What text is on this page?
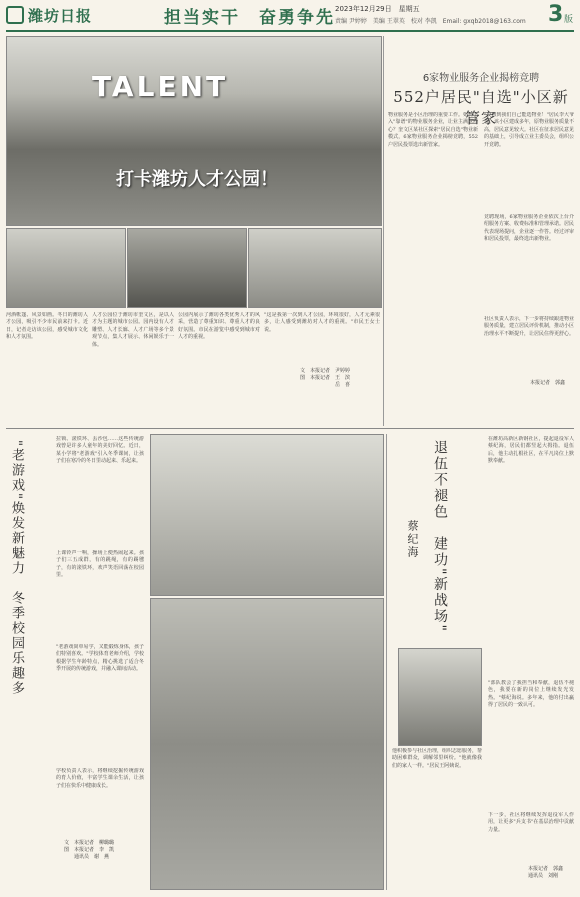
潍坊日报	担当实干　奋勇争先 2023年12月29日　星期五
责编 尹婷婷　美编 王翠英　校对 李凯　Email: gxqb2018@163.com 3 版
TALENT
打卡潍坊人才公园！
河酒帐篷、风景如画。冬日的潍坊人才公园，吸引不少市民前来打卡。近日，记者走访该公园，感受城市文化和人才氛围。
人才公园位于潍坊市奎文区，是以人才为主题的城市公园。园内设有人才雕塑、人才长廊、人才广场等多个景观节点，集人才展示、休闲娱乐于一体。
公园内展示了潍坊各类优秀人才的风采，营造了尊重知识、尊重人才的良好氛围。市民在游览中感受到城市对人才的重视。
"这是我第一次到人才公园，环境很好，人才元素很多，让人感受到潍坊对人才的重视。"市民王女士说。
文　本报记者　尹婷婷
图　本报记者　王　滨
　　　　　　　岳　喜
6家物业服务企业揭榜竞聘
552户居民"自选"小区新管家
物业服务是小区治理的重要工作。如何引入"靠谱"的物业服务企业，让业主满意舒心？奎文区某社区探索"居民自选"物业新模式，6家物业服务企业揭榜竞聘，552户居民投票选出新管家。
"没想到我们自己能选物业！"居民李大爷说。该小区建成多年，原物业服务质量不高，居民意见较大。社区在征求居民意见的基础上，引导成立业主委员会，组织公开竞聘。
竞聘现场，6家物业服务企业依次上台介绍服务方案、收费标准和管理承诺。居民代表现场提问，企业逐一作答。经过评审和居民投票，最终选出新物业。
社区负责人表示，下一步将持续跟进物业服务质量，建立居民评价机制，推动小区治理水平不断提升，让居民住得更舒心。
本报记者　郭鑫
"老游戏"焕发新魅力　冬季校园乐趣多
拉锁、滚铁环、丢沙包……这些传统游戏曾是许多人童年的美好回忆。近日，某小学将"老游戏"引入冬季课间，让孩子们在寒冷的冬日里动起来、乐起来。
上课铃声一响，操场上便热闹起来。孩子们三五成群，有的跳绳，有的踢毽子，有的滚铁环，欢声笑语回荡在校园里。
"老游戏简单易学，又能锻炼身体，孩子们特别喜欢。"学校体育老师介绍，学校根据学生年龄特点，精心挑选了适合冬季开展的传统游戏，并融入课间活动。
学校负责人表示，将继续挖掘传统游戏的育人价值，丰富学生课余生活，让孩子们在快乐中健康成长。
文　本报记者　柳璐璐
图　本报记者　李　凯
　　通讯员　谢　燕
退伍不褪色　建功"新战场"
蔡纪海
在潍坊高新区新钢社区，提起退役军人蔡纪海，居民们都竖起大拇指。退伍后，他主动扎根社区，在平凡岗位上默默奉献。
他积极参与社区治理，组织志愿服务，帮助困难群众，调解邻里纠纷。"他就像我们的家人一样。"居民王阿姨说。
"部队教会了我担当和奉献，退伍不褪色，我要在新的岗位上继续发光发热。"蔡纪海说。多年来，他的付出赢得了居民的一致认可。
下一步，社区将继续发挥退役军人作用，让更多"兵支书"在基层治理中贡献力量。
本报记者　郭鑫
通讯员　刘刚
